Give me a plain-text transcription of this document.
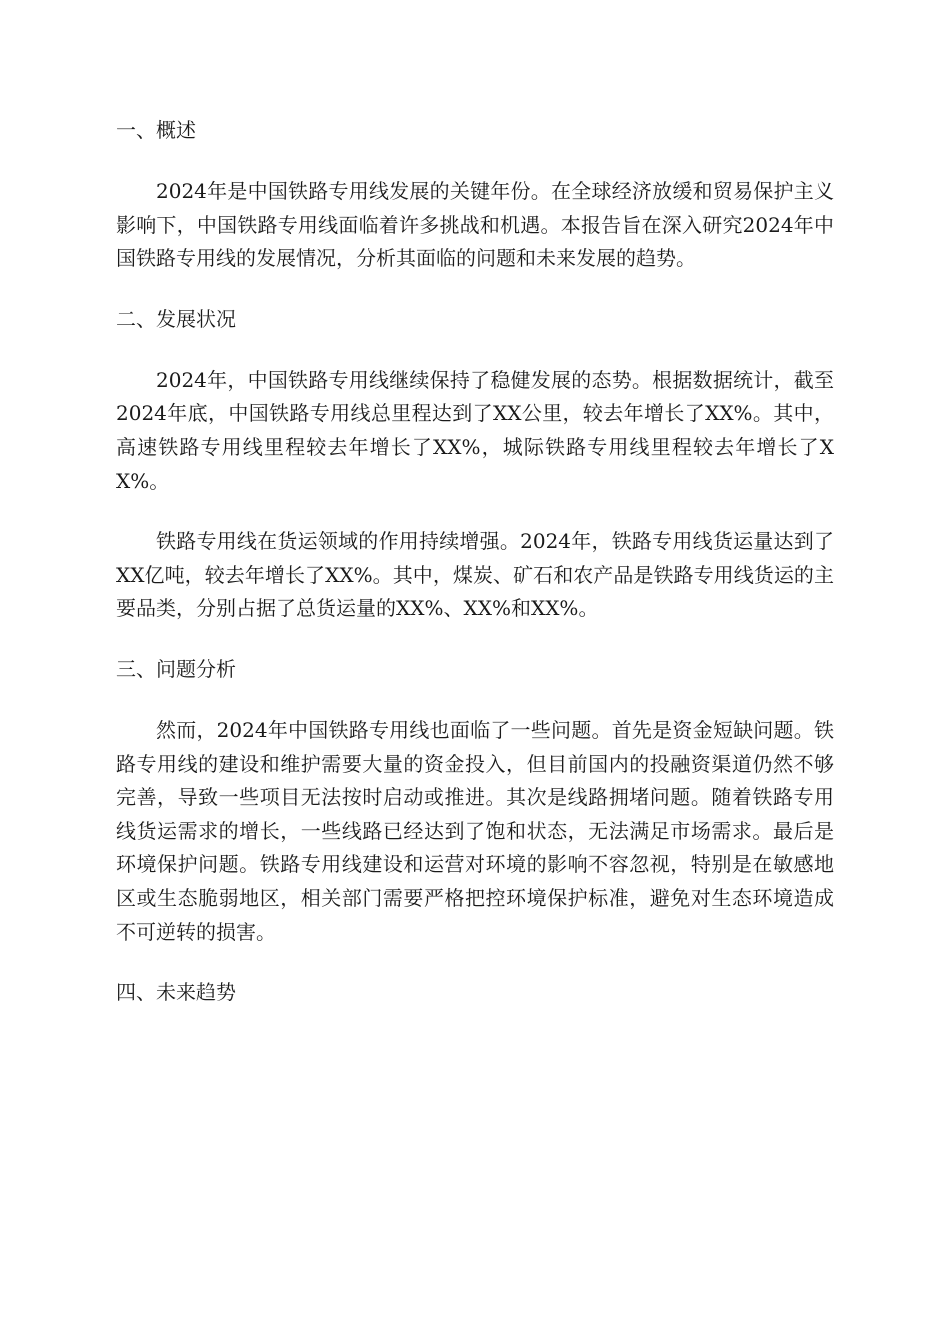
一、概述

2024年是中国铁路专用线发展的关键年份。在全球经济放缓和贸易保护主义影响下，中国铁路专用线面临着许多挑战和机遇。本报告旨在深入研究2024年中国铁路专用线的发展情况，分析其面临的问题和未来发展的趋势。

二、发展状况

2024年，中国铁路专用线继续保持了稳健发展的态势。根据数据统计，截至2024年底，中国铁路专用线总里程达到了XX公里，较去年增长了XX%。其中，高速铁路专用线里程较去年增长了XX%，城际铁路专用线里程较去年增长了XX%。

铁路专用线在货运领域的作用持续增强。2024年，铁路专用线货运量达到了XX亿吨，较去年增长了XX%。其中，煤炭、矿石和农产品是铁路专用线货运的主要品类，分别占据了总货运量的XX%、XX%和XX%。

三、问题分析

然而，2024年中国铁路专用线也面临了一些问题。首先是资金短缺问题。铁路专用线的建设和维护需要大量的资金投入，但目前国内的投融资渠道仍然不够完善，导致一些项目无法按时启动或推进。其次是线路拥堵问题。随着铁路专用线货运需求的增长，一些线路已经达到了饱和状态，无法满足市场需求。最后是环境保护问题。铁路专用线建设和运营对环境的影响不容忽视，特别是在敏感地区或生态脆弱地区，相关部门需要严格把控环境保护标准，避免对生态环境造成不可逆转的损害。

四、未来趋势
